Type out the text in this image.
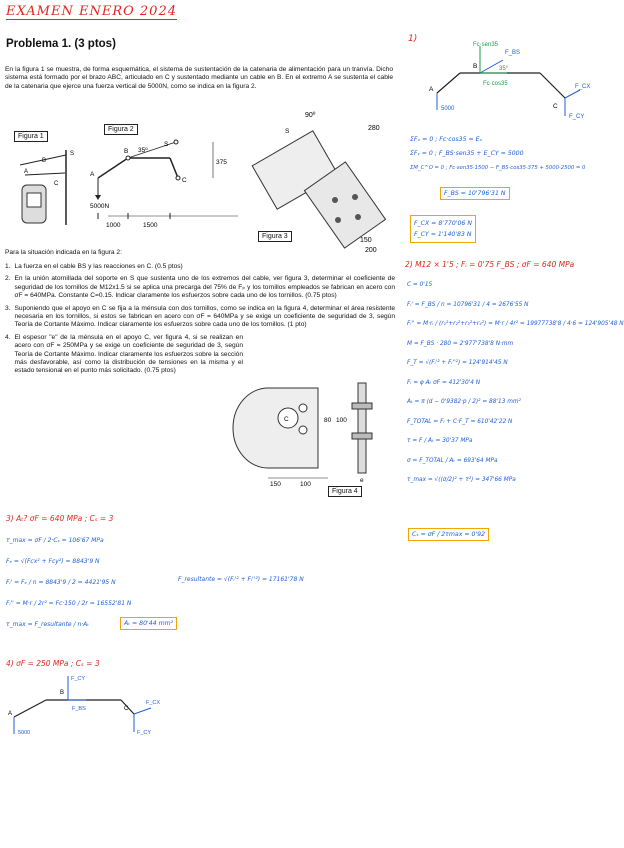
EXAMEN ENERO 2024
Problema 1. (3 ptos)
En la figura 1 se muestra, de forma esquemática, el sistema de sustentación de la catenaria de alimentación para un tranvía. Dicho sistema está formado por el brazo ABC, articulado en C y sustentado mediante un cable en B. En el extremo A se sustenta el cable de la catenaria que ejerce una fuerza vertical de 5000N, como se indica en la figura 2.
Figura 1
A
B
C
S
Figura 2
35º
5000N
1000	1500
375
A
B
C
S
90º
280
150
200
S
Figura 3
Para la situación indicada en la figura 2:
1. La fuerza en el cable BS y las reacciones en C. (0.5 ptos)
2. En la unión atornillada del soporte en S que sustenta uno de los extremos del cable, ver figura 3, determinar el coeficiente de seguridad de los tornillos de M12x1.5 si se aplica una precarga del 75% de Fₚ y los tornillos empleados se fabrican en acero con σF = 640MPa. Constante C=0.15. Indicar claramente los esfuerzos sobre cada uno de los tornillos. (0.75 ptos)
3. Suponiendo que el apoyo en C se fija a la ménsula con dos tornillos, como se indica en la figura 4, determinar el área resistente necesaria en los tornillos, si estos se fabrican en acero con σF = 640MPa y se exige un coeficiente de seguridad de 3, según Teoría de Cortante Máximo. Indicar claramente los esfuerzos sobre cada uno de los tornillos. (1 pto)
4. El espesor "e" de la ménsula en el apoyo C, ver figura 4, si se realizan en acero con σF = 250MPa y se exige un coeficiente de seguridad de 3, según Teoría de Cortante Máximo. Indicar claramente los esfuerzos sobre la sección más desfavorable, así como la distribución de tensiones en la misma y el estado tensional en el punto más solicitado. (0.75 ptos)
150	100
80 100
e
C
Figura 4
1)
Fc·sen35
F_BS
35°
Fc·cos35
A
B
C
5000
F_CX
F_CY
ΣFₓ = 0 ; Fc·cos35 = Eₓ
ΣFᵧ = 0 ; F_BS·sen35 + E_CY = 5000
ΣM_C^O = 0 ; Fc·sen35·1500 − F_BS·cos35·375 + 5000·2500 = 0
F_BS = 10'796'31 N
F_CX = 8'770'06 N
F_CY = 1'140'83 N
2) M12 × 1'5 ; Fᵢ = 0'75 F_BS ; σF = 640 MPa
C = 0'15
Fᵢ' = F_BS / n = 10796'31 / 4 = 2676'55 N
Fᵢ'' = M·rᵢ / (r₁²+r₂²+r₃²+r₄²) = M·r / 4r² = 19977738'8 / 4·6 = 124'905'48 N
M = F_BS · 280 = 2'977'738'8 N·mm
F_T = √(Fᵢ'² + Fᵢ''²) = 124'914'45 N
Fᵢ = φ Aₜ σF = 412'30'4 N
Aₜ = π (d − 0'9382·p / 2)² = 88'13 mm²
F_TOTAL = Fᵢ + C·F_T = 610'42'22 N
τ = F / Aₜ = 30'37 MPa
σ = F_TOTAL / Aₜ = 693'64 MPa
τ_max = √((σ/2)² + τ²) = 347'66 MPa
Cₛ = σF / 2τmax = 0'92
3) Aₜ? σF = 640 MPa ; Cₛ = 3
τ_max = σF / 2·Cₛ = 106'67 MPa
Fₑ = √(Fcx² + Fcy²) = 8843'9 N
Fᵢ' = Fₑ / n = 8843'9 / 2 = 4421'95 N
Fᵢ'' = M·r / 2r² = Fc·150 / 2r = 16552'81 N
τ_max = F_resultante / n·Aₜ
F_resultante = √(Fᵢ'² + Fᵢ''²) = 17161'78 N
Aₜ = 80'44 mm²
4) σF = 250 MPa ; Cₛ = 3
A
B
C
5000
F_CY
F_BS
F_CX
F_CY
